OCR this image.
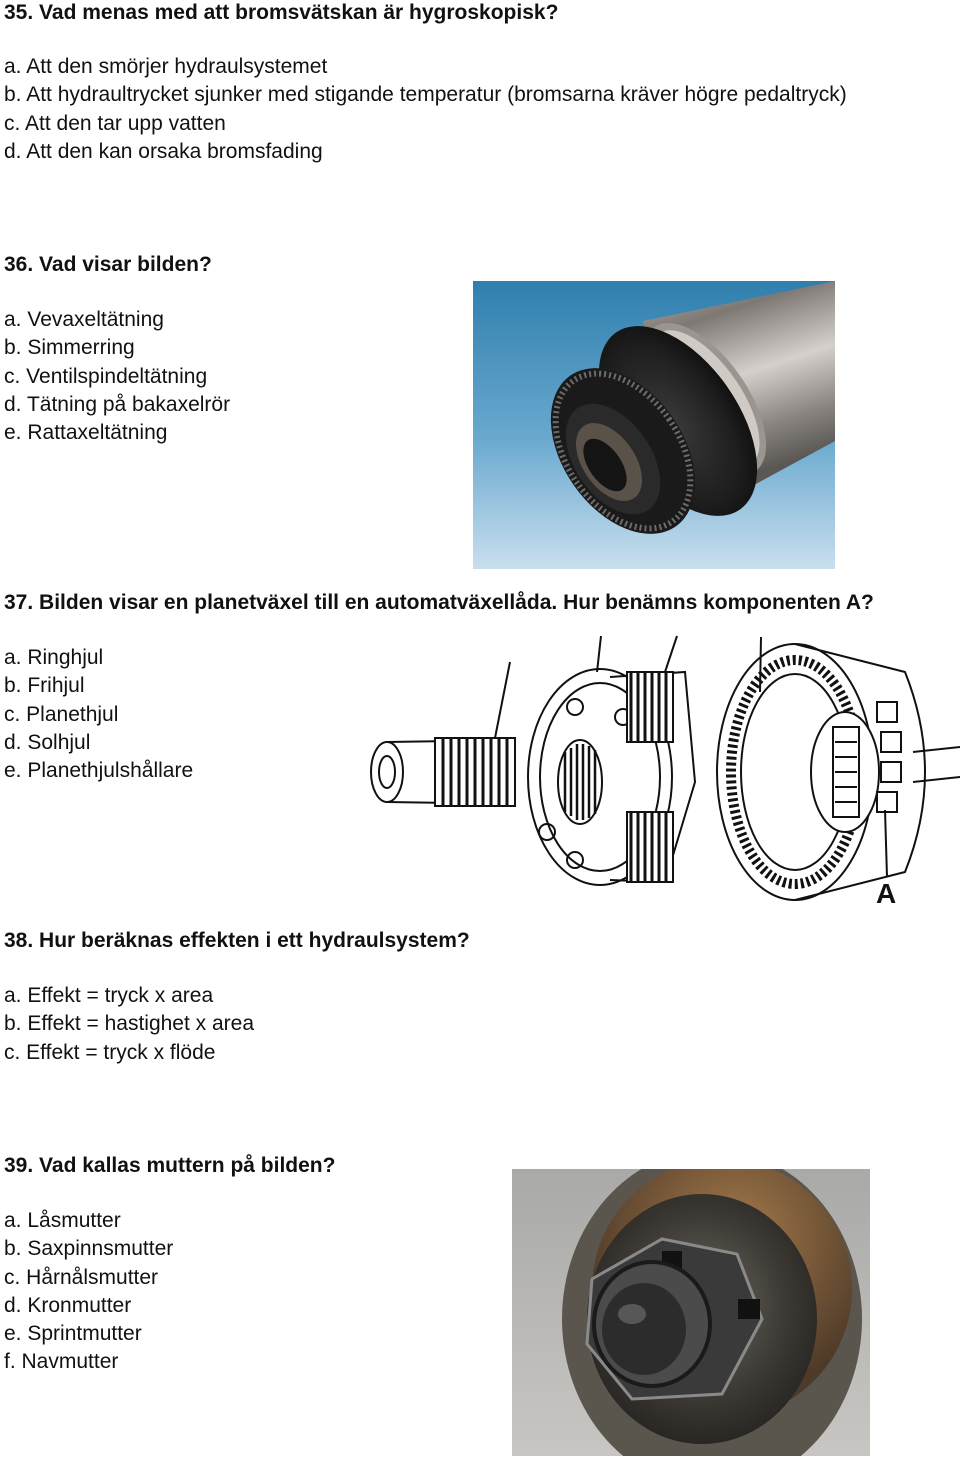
35. Vad menas med att bromsvätskan är hygroskopisk?

a. Att den smörjer hydraulsystemet
b. Att hydraultrycket sjunker med stigande temperatur (bromsarna kräver högre pedaltryck)
c. Att den tar upp vatten
d. Att den kan orsaka bromsfading

36. Vad visar bilden?

a. Vevaxeltätning
b. Simmerring
c. Ventilspindeltätning
d. Tätning på bakaxelrör
e. Rattaxeltätning

37. Bilden visar en planetväxel till en automatväxellåda. Hur benämns komponenten A?

a. Ringhjul
b. Frihjul
c. Planethjul
d. Solhjul
e. Planethjulshållare
A

38. Hur beräknas effekten i ett hydraulsystem?

a. Effekt = tryck x area
b. Effekt = hastighet x area
c. Effekt = tryck x flöde

39. Vad kallas muttern på bilden?

a. Låsmutter
b. Saxpinnsmutter
c. Hårnålsmutter
d. Kronmutter
e. Sprintmutter
f. Navmutter
